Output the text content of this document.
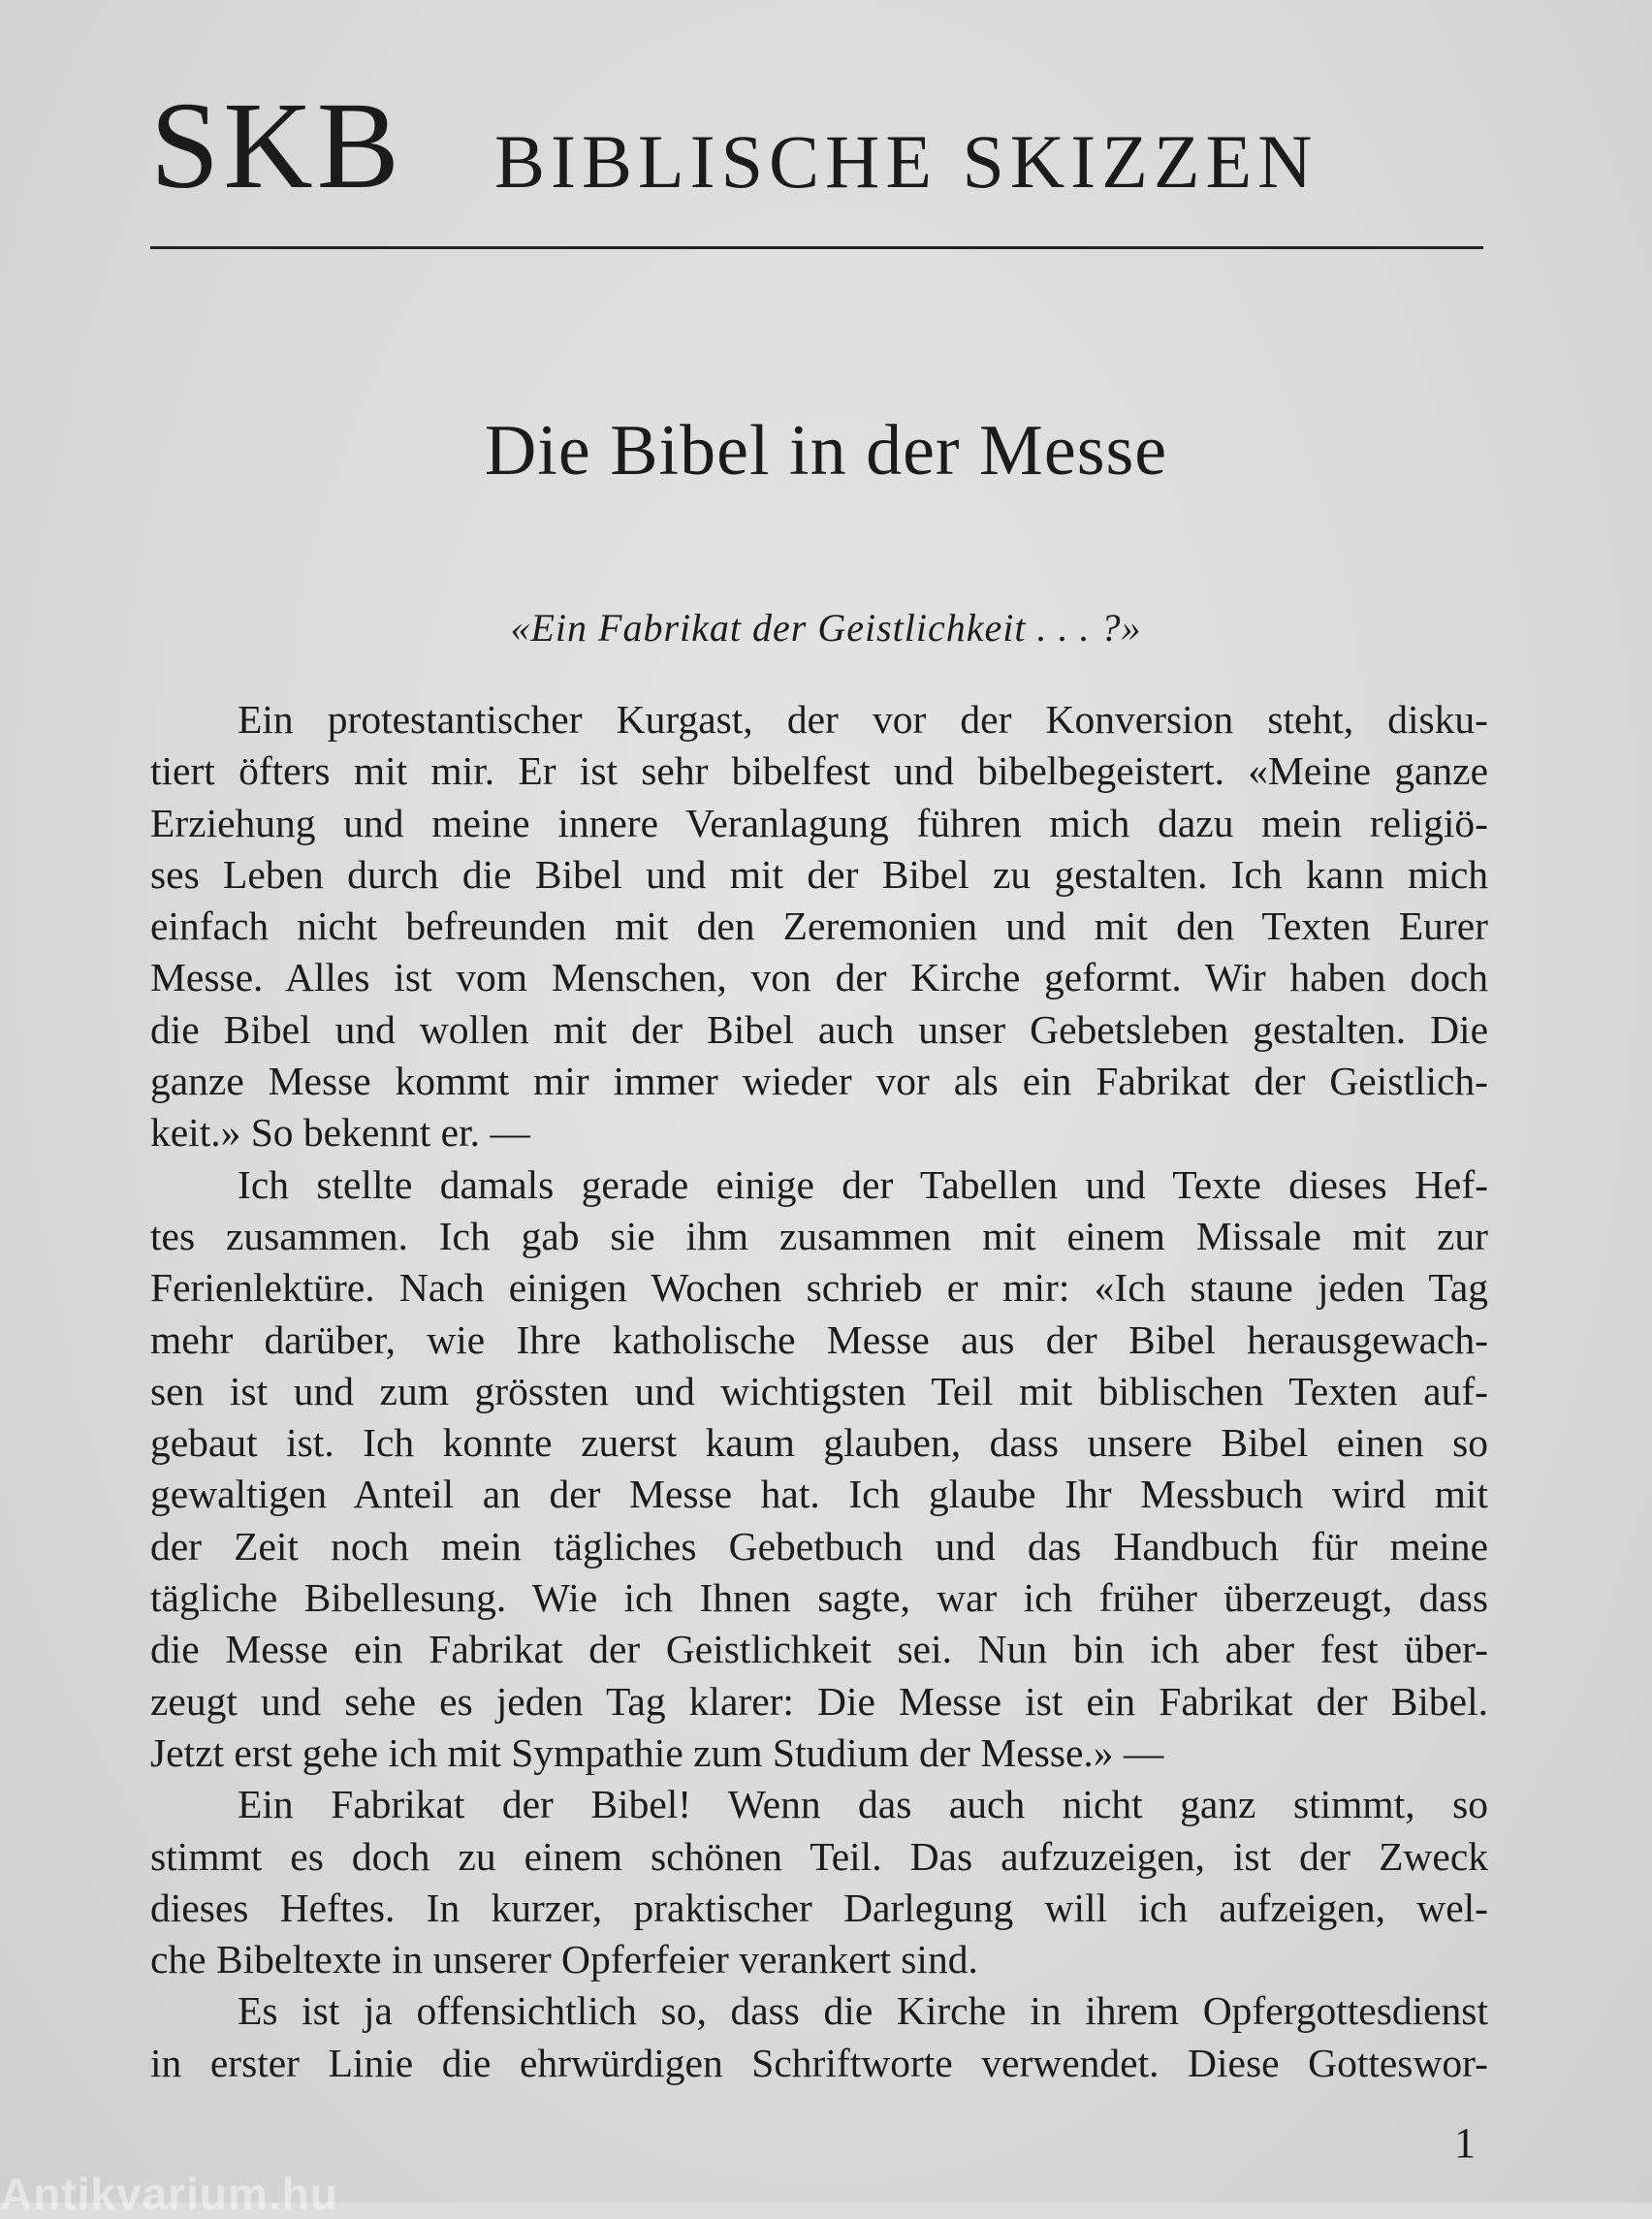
SKB BIBLISCHE SKIZZEN
Die Bibel in der Messe
«Ein Fabrikat der Geistlichkeit . . . ?»
Ein protestantischer Kurgast, der vor der Konversion steht, disku-
tiert öfters mit mir. Er ist sehr bibelfest und bibelbegeistert. «Meine ganze
Erziehung und meine innere Veranlagung führen mich dazu mein religiö-
ses Leben durch die Bibel und mit der Bibel zu gestalten. Ich kann mich
einfach nicht befreunden mit den Zeremonien und mit den Texten Eurer
Messe. Alles ist vom Menschen, von der Kirche geformt. Wir haben doch
die Bibel und wollen mit der Bibel auch unser Gebetsleben gestalten. Die
ganze Messe kommt mir immer wieder vor als ein Fabrikat der Geistlich-
keit.» So bekennt er. —
Ich stellte damals gerade einige der Tabellen und Texte dieses Hef-
tes zusammen. Ich gab sie ihm zusammen mit einem Missale mit zur
Ferienlektüre. Nach einigen Wochen schrieb er mir: «Ich staune jeden Tag
mehr darüber, wie Ihre katholische Messe aus der Bibel herausgewach-
sen ist und zum grössten und wichtigsten Teil mit biblischen Texten auf-
gebaut ist. Ich konnte zuerst kaum glauben, dass unsere Bibel einen so
gewaltigen Anteil an der Messe hat. Ich glaube Ihr Messbuch wird mit
der Zeit noch mein tägliches Gebetbuch und das Handbuch für meine
tägliche Bibellesung. Wie ich Ihnen sagte, war ich früher überzeugt, dass
die Messe ein Fabrikat der Geistlichkeit sei. Nun bin ich aber fest über-
zeugt und sehe es jeden Tag klarer: Die Messe ist ein Fabrikat der Bibel.
Jetzt erst gehe ich mit Sympathie zum Studium der Messe.» —
Ein Fabrikat der Bibel! Wenn das auch nicht ganz stimmt, so
stimmt es doch zu einem schönen Teil. Das aufzuzeigen, ist der Zweck
dieses Heftes. In kurzer, praktischer Darlegung will ich aufzeigen, wel-
che Bibeltexte in unserer Opferfeier verankert sind.
Es ist ja offensichtlich so, dass die Kirche in ihrem Opfergottesdienst
in erster Linie die ehrwürdigen Schriftworte verwendet. Diese Gotteswor-
1
Antikvarium.hu
